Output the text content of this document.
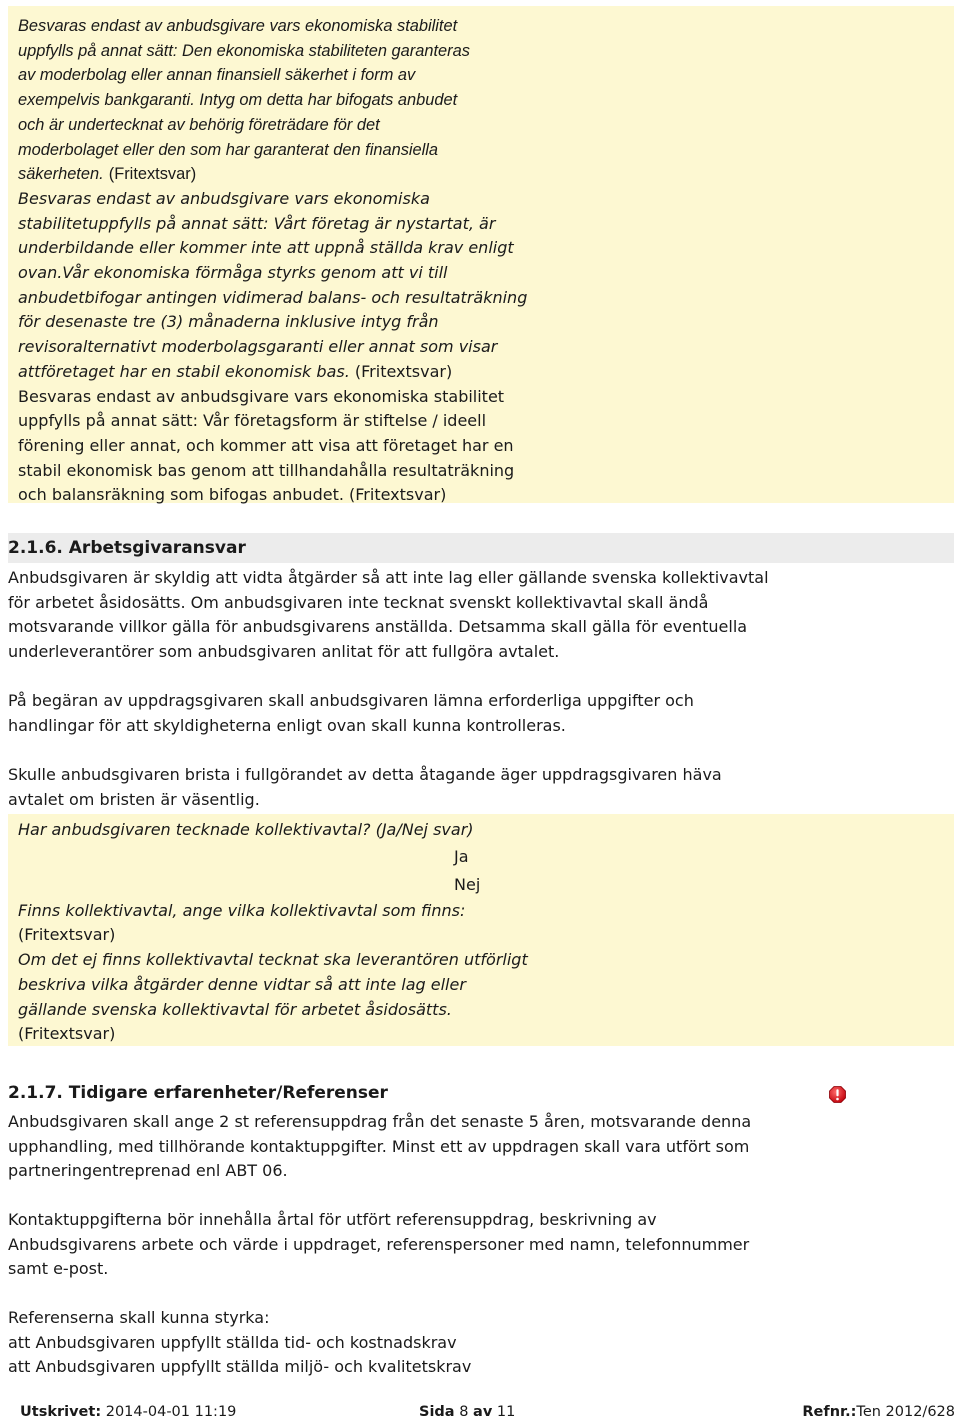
Besvaras endast av anbudsgivare vars ekonomiska stabilitet

uppfylls på annat sätt: Den ekonomiska stabiliteten garanteras

av moderbolag eller annan finansiell säkerhet i form av

exempelvis bankgaranti. Intyg om detta har bifogats anbudet

och är undertecknat av behörig företrädare för det

moderbolaget eller den som har garanterat den finansiella

säkerheten. (Fritextsvar)

Besvaras endast av anbudsgivare vars ekonomiska

stabilitetuppfylls på annat sätt: Vårt företag är nystartat, är

underbildande eller kommer inte att uppnå ställda krav enligt

ovan.Vår ekonomiska förmåga styrks genom att vi till

anbudetbifogar antingen vidimerad balans- och resultaträkning

för desenaste tre (3) månaderna inklusive intyg från

revisoralternativt moderbolagsgaranti eller annat som visar

attföretaget har en stabil ekonomisk bas. (Fritextsvar)

Besvaras endast av anbudsgivare vars ekonomiska stabilitet

uppfylls på annat sätt: Vår företagsform är stiftelse / ideell

förening eller annat, och kommer att visa att företaget har en

stabil ekonomisk bas genom att tillhandahålla resultaträkning

och balansräkning som bifogas anbudet. (Fritextsvar)

2.1.6. Arbetsgivaransvar

Anbudsgivaren är skyldig att vidta åtgärder så att inte lag eller gällande svenska kollektivavtal

för arbetet åsidosätts. Om anbudsgivaren inte tecknat svenskt kollektivavtal skall ändå

motsvarande villkor gälla för anbudsgivarens anställda. Detsamma skall gälla för eventuella

underleverantörer som anbudsgivaren anlitat för att fullgöra avtalet.

På begäran av uppdragsgivaren skall anbudsgivaren lämna erforderliga uppgifter och

handlingar för att skyldigheterna enligt ovan skall kunna kontrolleras.

Skulle anbudsgivaren brista i fullgörandet av detta åtagande äger uppdragsgivaren häva

avtalet om bristen är väsentlig.

Har anbudsgivaren tecknade kollektivavtal? (Ja/Nej svar)

Ja

Nej

Finns kollektivavtal, ange vilka kollektivavtal som finns:

(Fritextsvar)

Om det ej finns kollektivavtal tecknat ska leverantören utförligt

beskriva vilka åtgärder denne vidtar så att inte lag eller

gällande svenska kollektivavtal för arbetet åsidosätts.

(Fritextsvar)

2.1.7. Tidigare erfarenheter/Referenser

Anbudsgivaren skall ange 2 st referensuppdrag från det senaste 5 åren, motsvarande denna

upphandling, med tillhörande kontaktuppgifter. Minst ett av uppdragen skall vara utfört som

partneringentreprenad enl ABT 06.

Kontaktuppgifterna bör innehålla årtal för utfört referensuppdrag, beskrivning av

Anbudsgivarens arbete och värde i uppdraget, referenspersoner med namn, telefonnummer

samt e-post.

Referenserna skall kunna styrka:

att Anbudsgivaren uppfyllt ställda tid- och kostnadskrav

att Anbudsgivaren uppfyllt ställda miljö- och kvalitetskrav

Utskrivet: 2014-04-01 11:19	Sida 8 av 11	Refnr.:Ten 2012/628
